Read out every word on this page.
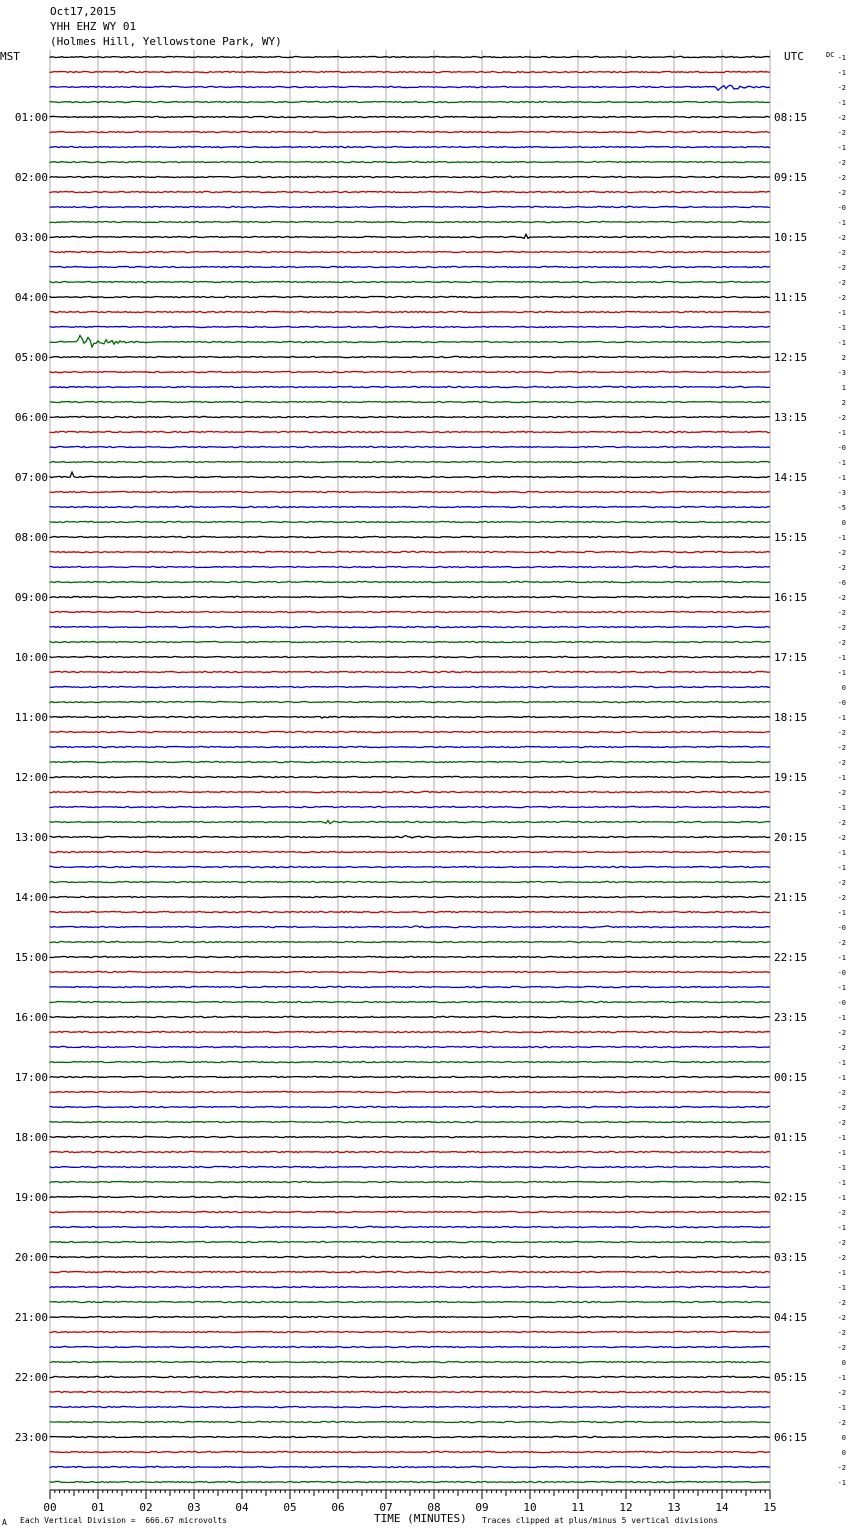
Oct17,2015
YHH EHZ WY 01
(Holmes Hill, Yellowstone Park, WY)
MST	UTC	DC -1
-1
-2
-1
-2
-2
-1
-2
-2
-2
-0
-1
-2
-2
-2
-2
-2
-1
-1
-1
2
-3
1
2
-2
-1
-0
-1
-1
-3
-5
0
-1
-2
-2
-6
-2
-2
-2
-2
-1
-1
0
-0
-1
-2
-2
-2
-1
-2
-1
-2
-2
-1
-1
-2
-2
-1
-0
-2
-1
-0
-1
-0
-1
-2
-2
-1
-1
-2
-2
-2
-1
-1
-1
-1
-1
-2
-1
-2
-2
-1
-1
-2
-2
-2
-2
0
-1
-2
-1
-2
0
0
-2
-1
01:00
02:00
03:00
04:00
05:00
06:00
07:00
08:00
09:00
10:00
11:00
12:00
13:00
14:00
15:00
16:00
17:00
18:00
19:00
20:00
21:00
22:00
23:00
08:15
09:15
10:15
11:15
12:15
13:15
14:15
15:15
16:15
17:15
18:15
19:15
20:15
21:15
22:15
23:15
00:15
01:15
02:15
03:15
04:15
05:15
06:15
00	01	02	03	04	05	06	07	08	09	10	11	12	13	14	15
A Each Vertical Division =  666.67 microvolts	TIME (MINUTES) Traces clipped at plus/minus 5 vertical divisions
